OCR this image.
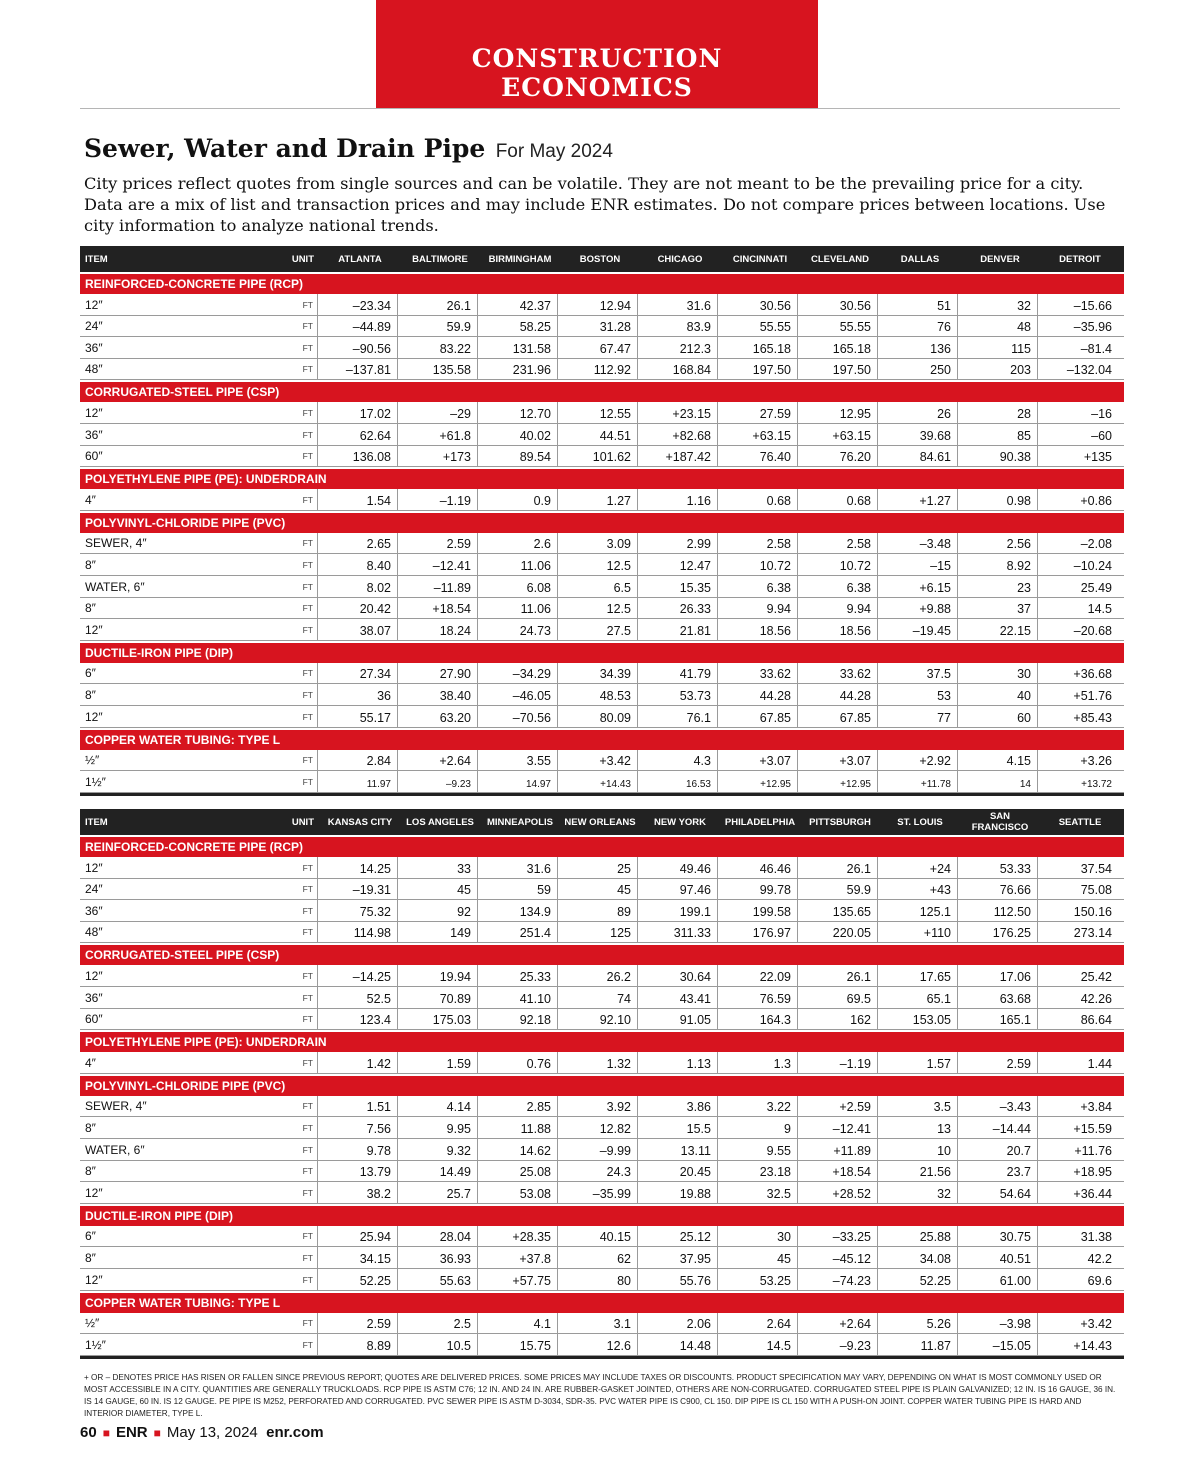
CONSTRUCTION ECONOMICS
Sewer, Water and Drain Pipe For May 2024
City prices reflect quotes from single sources and can be volatile. They are not meant to be the prevailing price for a city. Data are a mix of list and transaction prices and may include ENR estimates. Do not compare prices between locations. Use city information to analyze national trends.
ITEM	UNIT	ATLANTA	BALTIMORE	BIRMINGHAM	BOSTON	CHICAGO	CINCINNATI	CLEVELAND	DALLAS	DENVER	DETROIT
REINFORCED-CONCRETE PIPE (RCP)
12″	FT	–23.34	26.1	42.37	12.94	31.6	30.56	30.56	51	32	–15.66
24″	FT	–44.89	59.9	58.25	31.28	83.9	55.55	55.55	76	48	–35.96
36″	FT	–90.56	83.22	131.58	67.47	212.3	165.18	165.18	136	115	–81.4
48″	FT	–137.81	135.58	231.96	112.92	168.84	197.50	197.50	250	203	–132.04
CORRUGATED-STEEL PIPE (CSP)
12″	FT	17.02	–29	12.70	12.55	+23.15	27.59	12.95	26	28	–16
36″	FT	62.64	+61.8	40.02	44.51	+82.68	+63.15	+63.15	39.68	85	–60
60″	FT	136.08	+173	89.54	101.62	+187.42	76.40	76.20	84.61	90.38	+135
POLYETHYLENE PIPE (PE): UNDERDRAIN
4″	FT	1.54	–1.19	0.9	1.27	1.16	0.68	0.68	+1.27	0.98	+0.86
POLYVINYL-CHLORIDE PIPE (PVC)
SEWER, 4″	FT	2.65	2.59	2.6	3.09	2.99	2.58	2.58	–3.48	2.56	–2.08
8″	FT	8.40	–12.41	11.06	12.5	12.47	10.72	10.72	–15	8.92	–10.24
WATER, 6″	FT	8.02	–11.89	6.08	6.5	15.35	6.38	6.38	+6.15	23	25.49
8″	FT	20.42	+18.54	11.06	12.5	26.33	9.94	9.94	+9.88	37	14.5
12″	FT	38.07	18.24	24.73	27.5	21.81	18.56	18.56	–19.45	22.15	–20.68
DUCTILE-IRON PIPE (DIP)
6″	FT	27.34	27.90	–34.29	34.39	41.79	33.62	33.62	37.5	30	+36.68
8″	FT	36	38.40	–46.05	48.53	53.73	44.28	44.28	53	40	+51.76
12″	FT	55.17	63.20	–70.56	80.09	76.1	67.85	67.85	77	60	+85.43
COPPER WATER TUBING: TYPE L
½″	FT	2.84	+2.64	3.55	+3.42	4.3	+3.07	+3.07	+2.92	4.15	+3.26
1½″	FT	11.97	–9.23	14.97	+14.43	16.53	+12.95	+12.95	+11.78	14	+13.72
ITEM	UNIT	KANSAS CITY	LOS ANGELES	MINNEAPOLIS	NEW ORLEANS	NEW YORK	PHILADELPHIA	PITTSBURGH	ST. LOUIS	SAN FRANCISCO	SEATTLE
REINFORCED-CONCRETE PIPE (RCP)
12″	FT	14.25	33	31.6	25	49.46	46.46	26.1	+24	53.33	37.54
24″	FT	–19.31	45	59	45	97.46	99.78	59.9	+43	76.66	75.08
36″	FT	75.32	92	134.9	89	199.1	199.58	135.65	125.1	112.50	150.16
48″	FT	114.98	149	251.4	125	311.33	176.97	220.05	+110	176.25	273.14
CORRUGATED-STEEL PIPE (CSP)
12″	FT	–14.25	19.94	25.33	26.2	30.64	22.09	26.1	17.65	17.06	25.42
36″	FT	52.5	70.89	41.10	74	43.41	76.59	69.5	65.1	63.68	42.26
60″	FT	123.4	175.03	92.18	92.10	91.05	164.3	162	153.05	165.1	86.64
POLYETHYLENE PIPE (PE): UNDERDRAIN
4″	FT	1.42	1.59	0.76	1.32	1.13	1.3	–1.19	1.57	2.59	1.44
POLYVINYL-CHLORIDE PIPE (PVC)
SEWER, 4″	FT	1.51	4.14	2.85	3.92	3.86	3.22	+2.59	3.5	–3.43	+3.84
8″	FT	7.56	9.95	11.88	12.82	15.5	9	–12.41	13	–14.44	+15.59
WATER, 6″	FT	9.78	9.32	14.62	–9.99	13.11	9.55	+11.89	10	20.7	+11.76
8″	FT	13.79	14.49	25.08	24.3	20.45	23.18	+18.54	21.56	23.7	+18.95
12″	FT	38.2	25.7	53.08	–35.99	19.88	32.5	+28.52	32	54.64	+36.44
DUCTILE-IRON PIPE (DIP)
6″	FT	25.94	28.04	+28.35	40.15	25.12	30	–33.25	25.88	30.75	31.38
8″	FT	34.15	36.93	+37.8	62	37.95	45	–45.12	34.08	40.51	42.2
12″	FT	52.25	55.63	+57.75	80	55.76	53.25	–74.23	52.25	61.00	69.6
COPPER WATER TUBING: TYPE L
½″	FT	2.59	2.5	4.1	3.1	2.06	2.64	+2.64	5.26	–3.98	+3.42
1½″	FT	8.89	10.5	15.75	12.6	14.48	14.5	–9.23	11.87	–15.05	+14.43
+ OR – DENOTES PRICE HAS RISEN OR FALLEN SINCE PREVIOUS REPORT; QUOTES ARE DELIVERED PRICES. SOME PRICES MAY INCLUDE TAXES OR DISCOUNTS. PRODUCT SPECIFICATION MAY VARY, DEPENDING ON WHAT IS MOST COMMONLY USED OR MOST ACCESSIBLE IN A CITY. QUANTITIES ARE GENERALLY TRUCKLOADS. RCP PIPE IS ASTM C76; 12 IN. AND 24 IN. ARE RUBBER-GASKET JOINTED, OTHERS ARE NON-CORRUGATED. CORRUGATED STEEL PIPE IS PLAIN GALVANIZED; 12 IN. IS 16 GAUGE, 36 IN. IS 14 GAUGE, 60 IN. IS 12 GAUGE. PE PIPE IS M252, PERFORATED AND CORRUGATED. PVC SEWER PIPE IS ASTM D-3034, SDR-35. PVC WATER PIPE IS C900, CL 150. DIP PIPE IS CL 150 WITH A PUSH-ON JOINT. COPPER WATER TUBING PIPE IS HARD AND INTERIOR DIAMETER, TYPE L.
60 ■ ENR ■ May 13, 2024 enr.com
